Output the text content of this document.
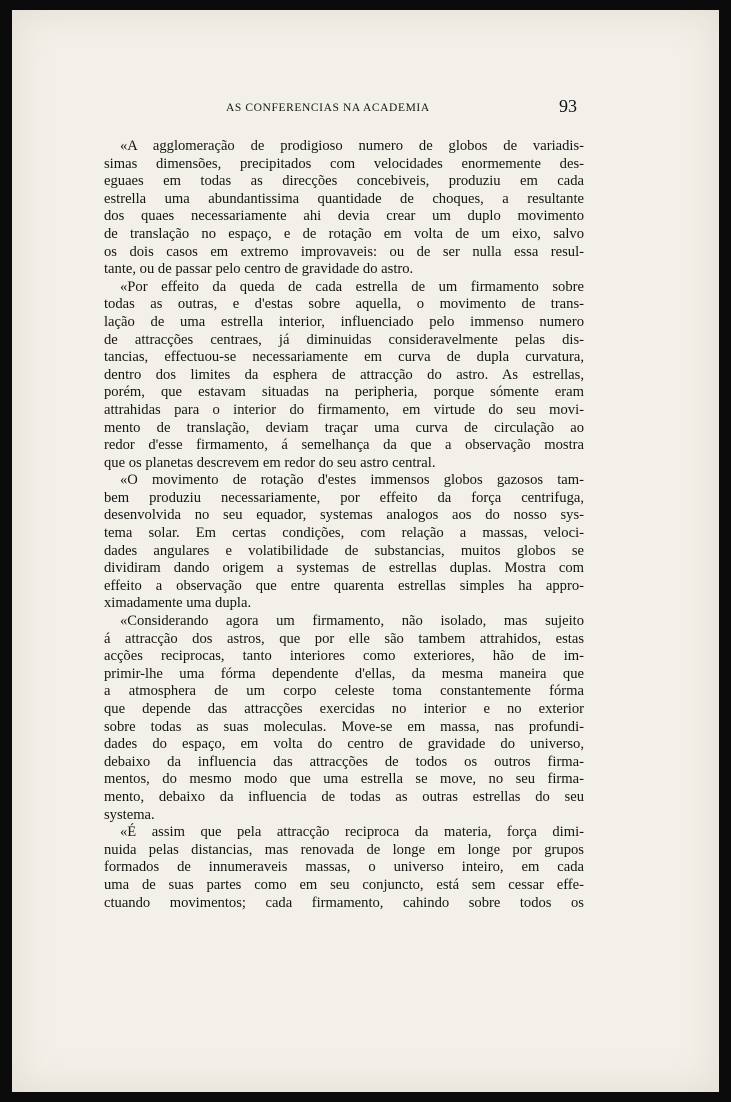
AS CONFERENCIAS NA ACADEMIA	93
«A agglomeração de prodigioso numero de globos de variadis-
simas dimensões, precipitados com velocidades enormemente des-
eguaes em todas as direcções concebiveis, produziu em cada
estrella uma abundantissima quantidade de choques, a resultante
dos quaes necessariamente ahi devia crear um duplo movimento
de translação no espaço, e de rotação em volta de um eixo, salvo
os dois casos em extremo improvaveis: ou de ser nulla essa resul-
tante, ou de passar pelo centro de gravidade do astro.
«Por effeito da queda de cada estrella de um firmamento sobre
todas as outras, e d'estas sobre aquella, o movimento de trans-
lação de uma estrella interior, influenciado pelo immenso numero
de attracções centraes, já diminuidas consideravelmente pelas dis-
tancias, effectuou-se necessariamente em curva de dupla curvatura,
dentro dos limites da esphera de attracção do astro. As estrellas,
porém, que estavam situadas na peripheria, porque sómente eram
attrahidas para o interior do firmamento, em virtude do seu movi-
mento de translação, deviam traçar uma curva de circulação ao
redor d'esse firmamento, á semelhança da que a observação mostra
que os planetas descrevem em redor do seu astro central.
«O movimento de rotação d'estes immensos globos gazosos tam-
bem produziu necessariamente, por effeito da força centrifuga,
desenvolvida no seu equador, systemas analogos aos do nosso sys-
tema solar. Em certas condições, com relação a massas, veloci-
dades angulares e volatibilidade de substancias, muitos globos se
dividiram dando origem a systemas de estrellas duplas. Mostra com
effeito a observação que entre quarenta estrellas simples ha appro-
ximadamente uma dupla.
«Considerando agora um firmamento, não isolado, mas sujeito
á attracção dos astros, que por elle são tambem attrahidos, estas
acções reciprocas, tanto interiores como exteriores, hão de im-
primir-lhe uma fórma dependente d'ellas, da mesma maneira que
a atmosphera de um corpo celeste toma constantemente fórma
que depende das attracções exercidas no interior e no exterior
sobre todas as suas moleculas. Move-se em massa, nas profundi-
dades do espaço, em volta do centro de gravidade do universo,
debaixo da influencia das attracções de todos os outros firma-
mentos, do mesmo modo que uma estrella se move, no seu firma-
mento, debaixo da influencia de todas as outras estrellas do seu
systema.
«É assim que pela attracção reciproca da materia, força dimi-
nuida pelas distancias, mas renovada de longe em longe por grupos
formados de innumeraveis massas, o universo inteiro, em cada
uma de suas partes como em seu conjuncto, está sem cessar effe-
ctuando movimentos; cada firmamento, cahindo sobre todos os
